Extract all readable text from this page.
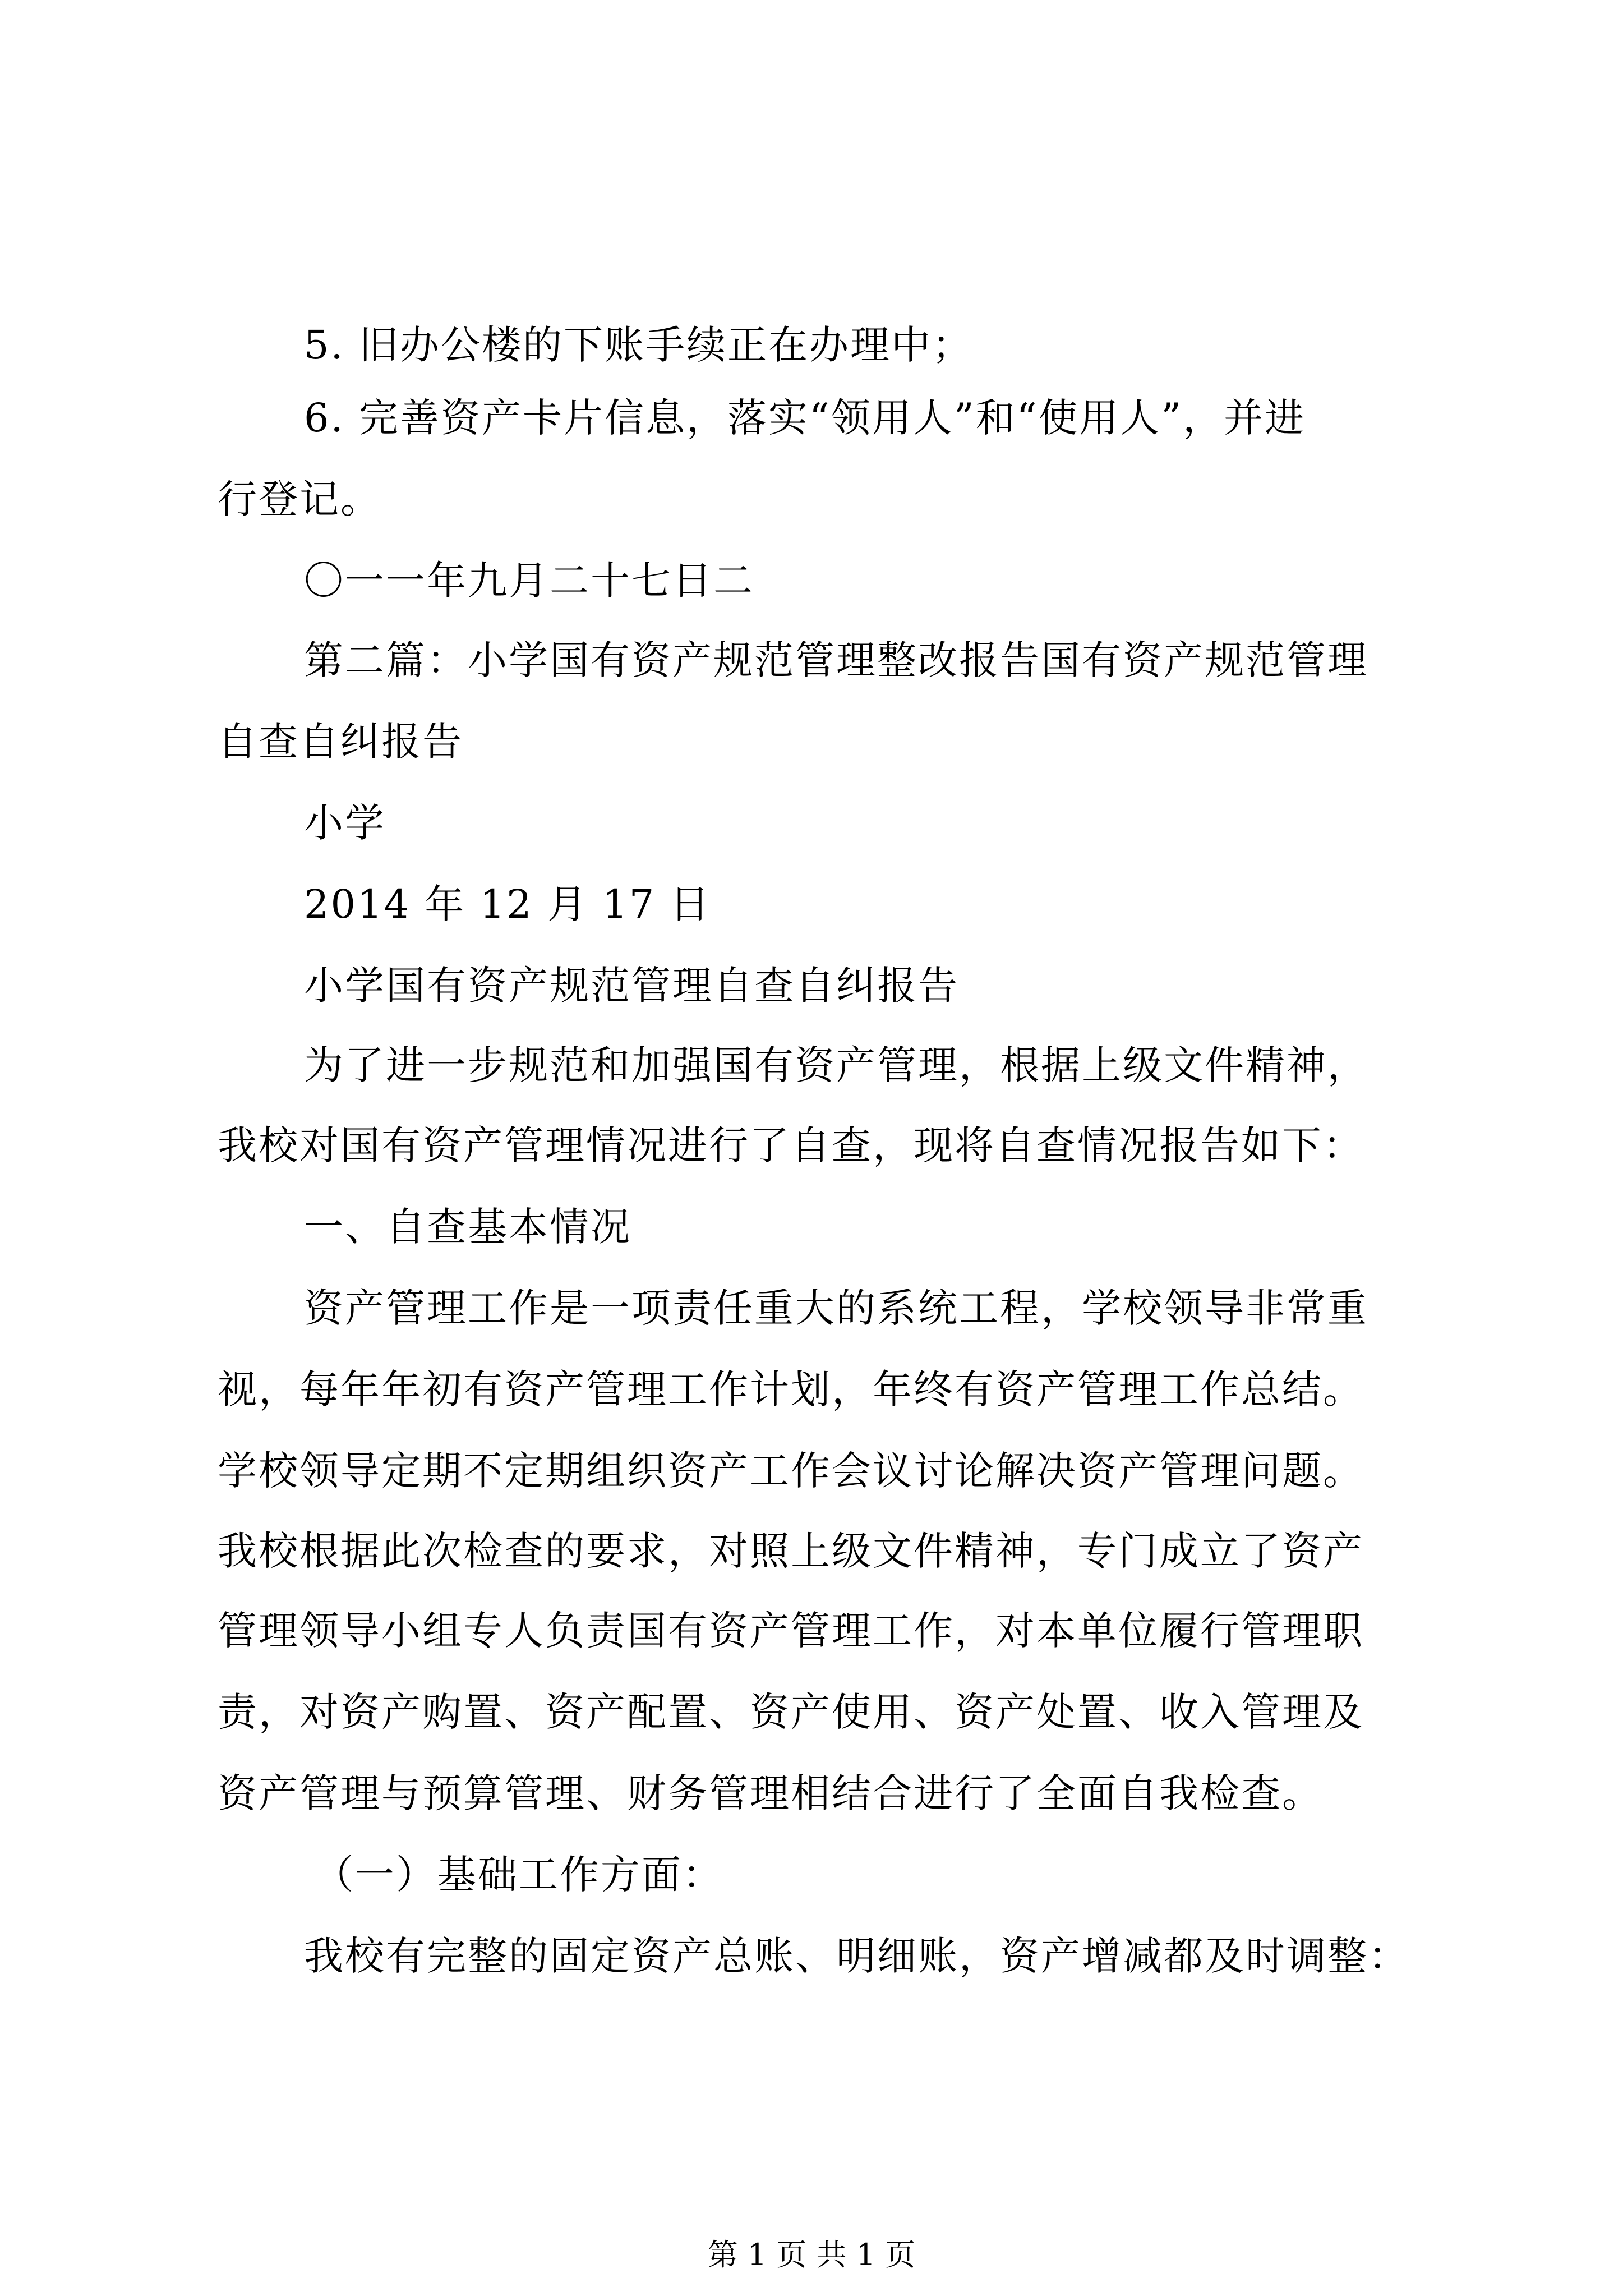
5. 旧办公楼的下账手续正在办理中；
6. 完善资产卡片信息，落实“领用人”和“使用人”，并进
行登记。
〇一一年九月二十七日二
第二篇：小学国有资产规范管理整改报告国有资产规范管理
自查自纠报告
小学
2014 年 12 月 17 日
小学国有资产规范管理自查自纠报告
为了进一步规范和加强国有资产管理，根据上级文件精神，
我校对国有资产管理情况进行了自查，现将自查情况报告如下：
一、自查基本情况
资产管理工作是一项责任重大的系统工程，学校领导非常重
视，每年年初有资产管理工作计划，年终有资产管理工作总结。
学校领导定期不定期组织资产工作会议讨论解决资产管理问题。
我校根据此次检查的要求，对照上级文件精神，专门成立了资产
管理领导小组专人负责国有资产管理工作，对本单位履行管理职
责，对资产购置、资产配置、资产使用、资产处置、收入管理及
资产管理与预算管理、财务管理相结合进行了全面自我检查。
（一）基础工作方面：
我校有完整的固定资产总账、明细账，资产增减都及时调整：
第 1 页 共 1 页
